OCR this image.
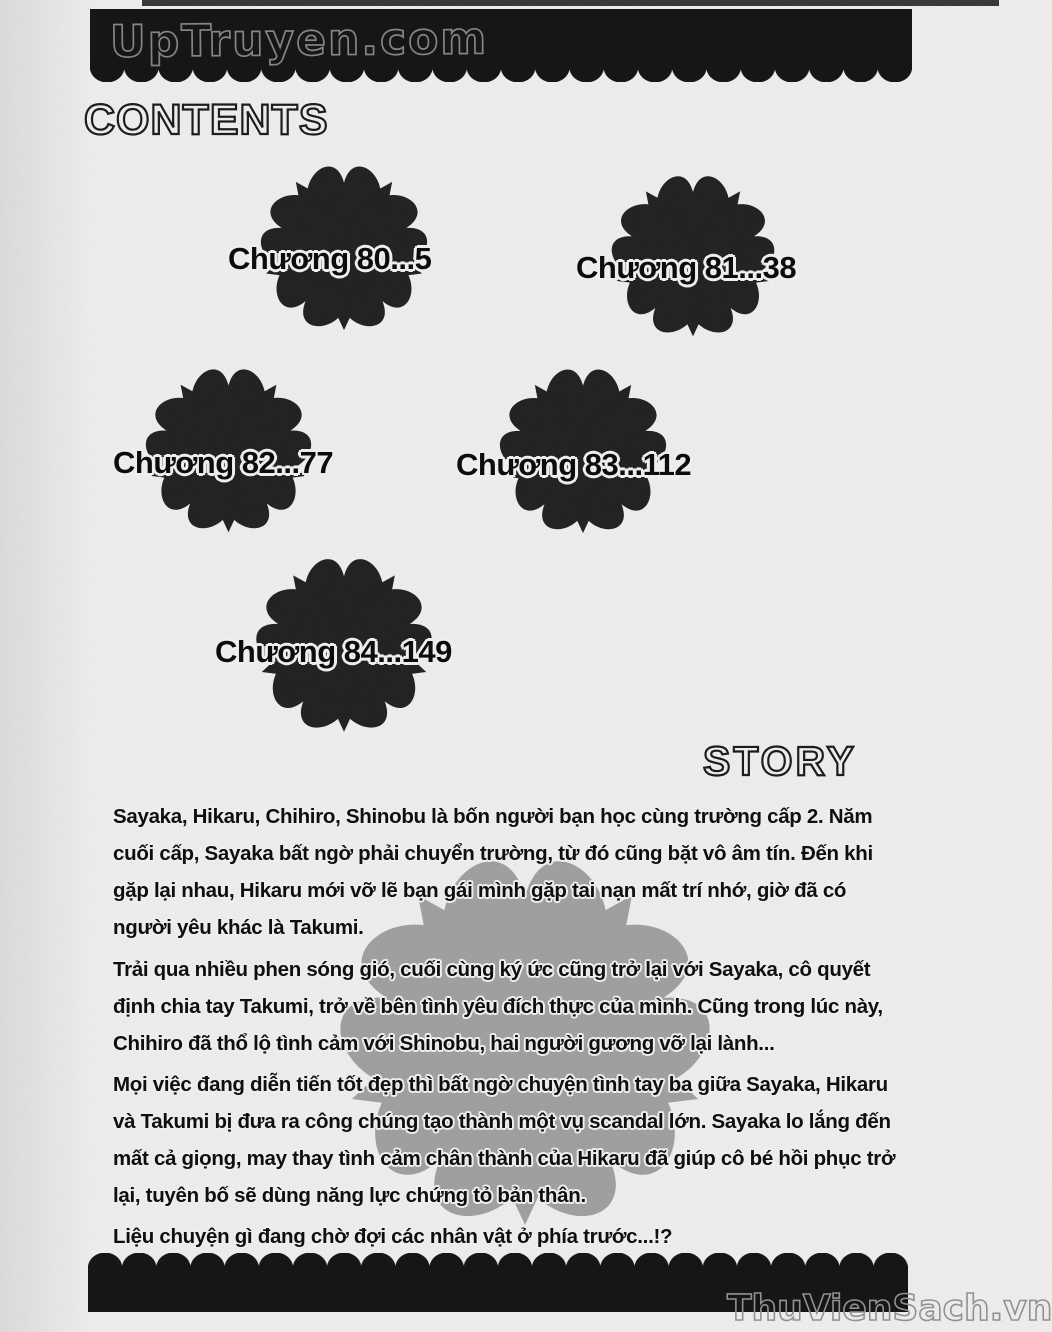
UpTruyen.com
CONTENTS
Chương 80...5	Chương 81...38
Chương 82...77	Chương 83...112
Chương 84...149
STORY

Sayaka, Hikaru, Chihiro, Shinobu là bốn người bạn học cùng trường cấp 2. Năm cuối cấp, Sayaka bất ngờ phải chuyển trường, từ đó cũng bặt vô âm tín. Đến khi gặp lại nhau, Hikaru mới vỡ lẽ bạn gái mình gặp tai nạn mất trí nhớ, giờ đã có người yêu khác là Takumi.

Trải qua nhiều phen sóng gió, cuối cùng ký ức cũng trở lại với Sayaka, cô quyết định chia tay Takumi, trở về bên tình yêu đích thực của mình. Cũng trong lúc này, Chihiro đã thổ lộ tình cảm với Shinobu, hai người gương vỡ lại lành...

Mọi việc đang diễn tiến tốt đẹp thì bất ngờ chuyện tình tay ba giữa Sayaka, Hikaru và Takumi bị đưa ra công chúng tạo thành một vụ scandal lớn. Sayaka lo lắng đến mất cả giọng, may thay tình cảm chân thành của Hikaru đã giúp cô bé hồi phục trở lại, tuyên bố sẽ dùng năng lực chứng tỏ bản thân.

Liệu chuyện gì đang chờ đợi các nhân vật ở phía trước...!?
